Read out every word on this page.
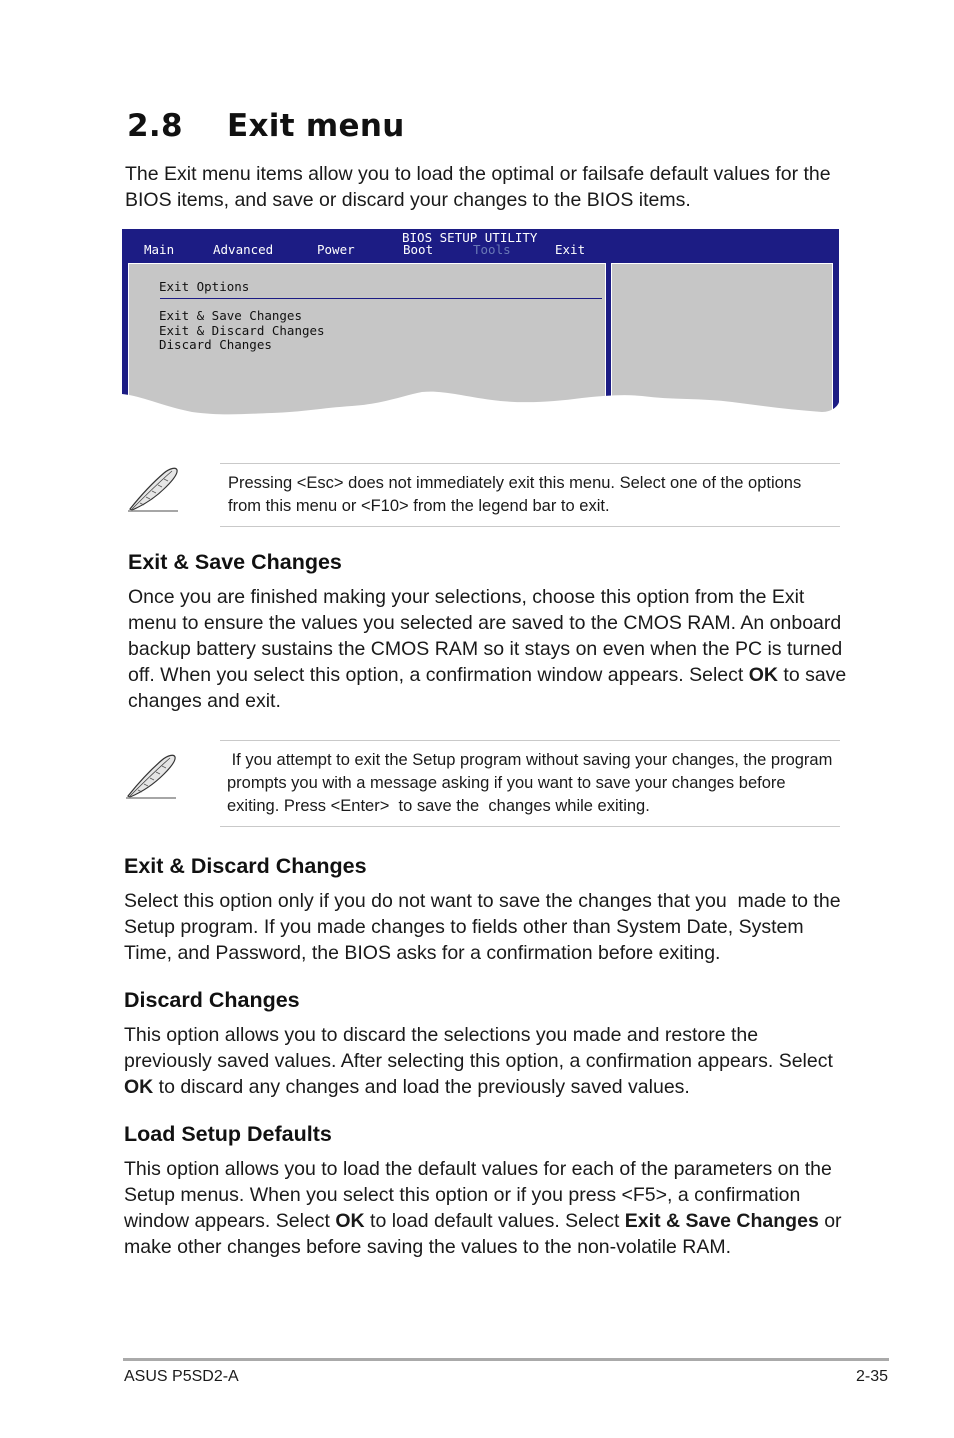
2.8 Exit menu
The Exit menu items allow you to load the optimal or failsafe default values for the BIOS items, and save or discard your changes to the BIOS items.
BIOS SETUP UTILITY
Main	Advanced	Power	Boot	Tools	Exit
Exit Options
Exit & Save Changes
Exit & Discard Changes
Discard Changes
Pressing <Esc> does not immediately exit this menu. Select one of the options from this menu or <F10> from the legend bar to exit.
Exit & Save Changes
Once you are finished making your selections, choose this option from the Exit menu to ensure the values you selected are saved to the CMOS RAM. An onboard backup battery sustains the CMOS RAM so it stays on even when the PC is turned off. When you select this option, a confirmation window appears. Select OK to save changes and exit.
If you attempt to exit the Setup program without saving your changes, the program prompts you with a message asking if you want to save your changes before exiting. Press <Enter>  to save the  changes while exiting.
Exit & Discard Changes
Select this option only if you do not want to save the changes that you  made to the Setup program. If you made changes to fields other than System Date, System Time, and Password, the BIOS asks for a confirmation before exiting.
Discard Changes
This option allows you to discard the selections you made and restore the previously saved values. After selecting this option, a confirmation appears. Select OK to discard any changes and load the previously saved values.
Load Setup Defaults
This option allows you to load the default values for each of the parameters on the Setup menus. When you select this option or if you press <F5>, a confirmation window appears. Select OK to load default values. Select Exit & Save Changes or make other changes before saving the values to the non-volatile RAM.
ASUS P5SD2-A	2-35
